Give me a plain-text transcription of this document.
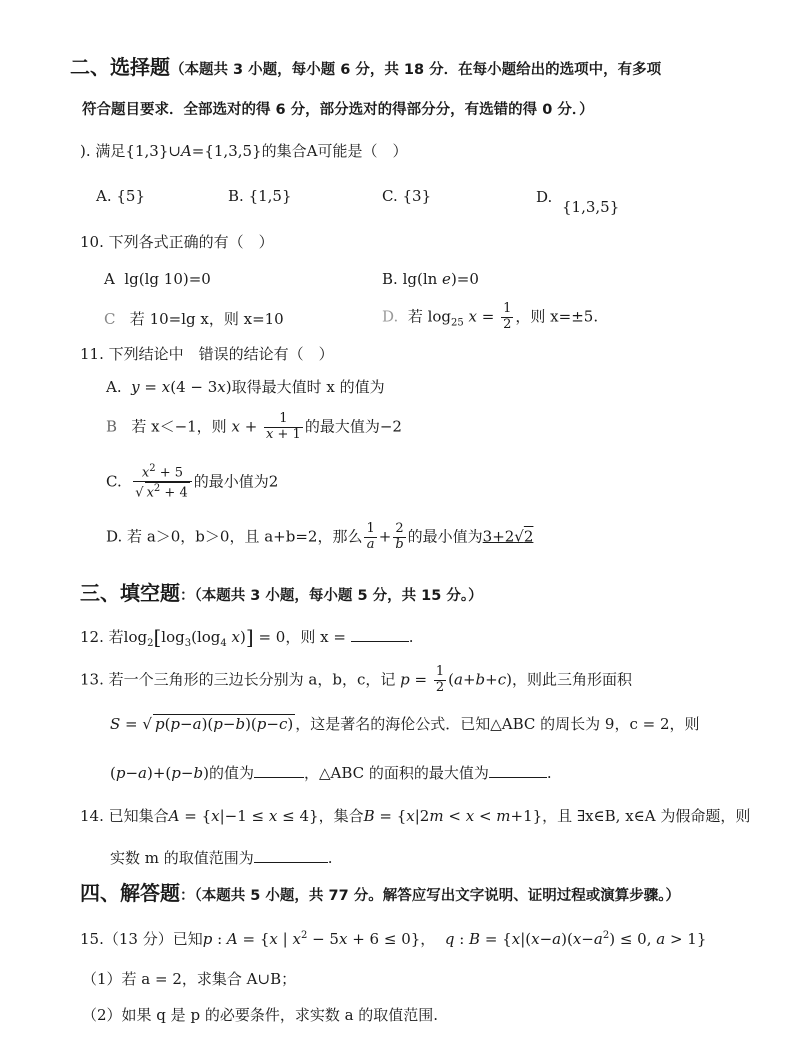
二、选择题（本题共 3 小题，每小题 6 分，共 18 分．在每小题给出的选项中，有多项
符合题目要求．全部选对的得 6 分，部分选对的得部分分，有选错的得 0 分．）
). 满足{1,3}∪A={1,3,5}的集合A可能是（　）
A. {5}	B. {1,5}	C. {3}	D.
{1,3,5}
10. 下列各式正确的有（　）
A  lg(lg 10)=0	B. lg(ln e)=0
C 若 10=lg x，则 x=10	D. 若 $\log_{25} x = \frac{1}{2}$ ，则 x=±5.
11. 下列结论中　错误的结论有（　）
A. y = x(4 − 3x)取得最大值时 x 的值为
B 若 x＜−1，则 $x + \frac{1}{x + 1}$ 的最大值为−2
C. $\frac{x^2 + 5}{√ x^2 + 4}$ 的最小值为2
D. 若 a＞0，b＞0，且 a+b=2，那么 $\frac{1}{a} + \frac{2}{b}$ 的最小值为3+2√2
三、填空题：（本题共 3 小题，每小题 5 分，共 15 分。）
12. 若$\log_2[\log_3(\log_4$ x)] = 0，则 x =	.
13. 若一个三角形的三边长分别为 a，b，c，记 $p = \frac{1}{2} (a+b+c)$，则此三角形面积
S = √ p(p−a)(p−b)(p−c) ，这是著名的海伦公式．已知△ABC 的周长为 9，c = 2，则
(p−a)+(p−b)的值为	，△ABC 的面积的最大值为	.
14. 已知集合A = {x|−1 ≤ x ≤ 4}，集合B = {x|2m < x < m+1}，且 ∃x∈B, x∈A 为假命题，则
实数 m 的取值范围为	.
四、解答题：（本题共 5 小题，共 77 分。解答应写出文字说明、证明过程或演算步骤。）
15.（13 分）已知p : A = {x | $x^2 - 5x + 6 \le 0$}，  q : $B = \{x|(x-a)(x-a^2) \le 0$, a > 1}
（1）若 a = 2，求集合 A∪B；
（2）如果 q 是 p 的必要条件，求实数 a 的取值范围.
